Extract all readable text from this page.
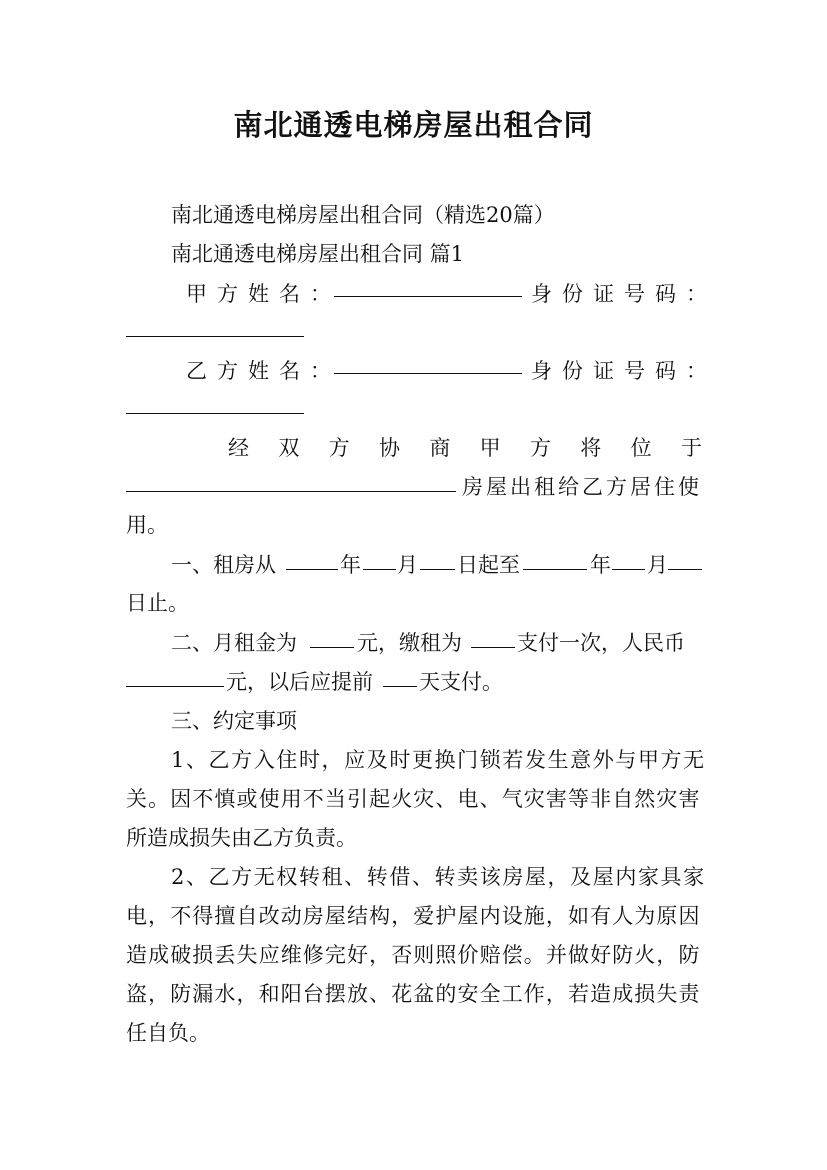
南北通透电梯房屋出租合同
南北通透电梯房屋出租合同（精选20篇）
南北通透电梯房屋出租合同 篇1
甲方姓名：	身份证号码：
乙方姓名：	身份证号码：
经 双 方 协 商 甲 方 将 位 于
房屋出租给乙方居住使
用。
一、租房从	年 月 日起至	年 月
日止。
二、月租金为	元，缴租为	支付一次，人民币
元，以后应提前 天支付。
三、约定事项
1、乙方入住时，应及时更换门锁若发生意外与甲方无
关。因不慎或使用不当引起火灾、电、气灾害等非自然灾害
所造成损失由乙方负责。
2、乙方无权转租、转借、转卖该房屋，及屋内家具家
电，不得擅自改动房屋结构，爱护屋内设施，如有人为原因
造成破损丢失应维修完好，否则照价赔偿。并做好防火，防
盗，防漏水，和阳台摆放、花盆的安全工作，若造成损失责
任自负。
